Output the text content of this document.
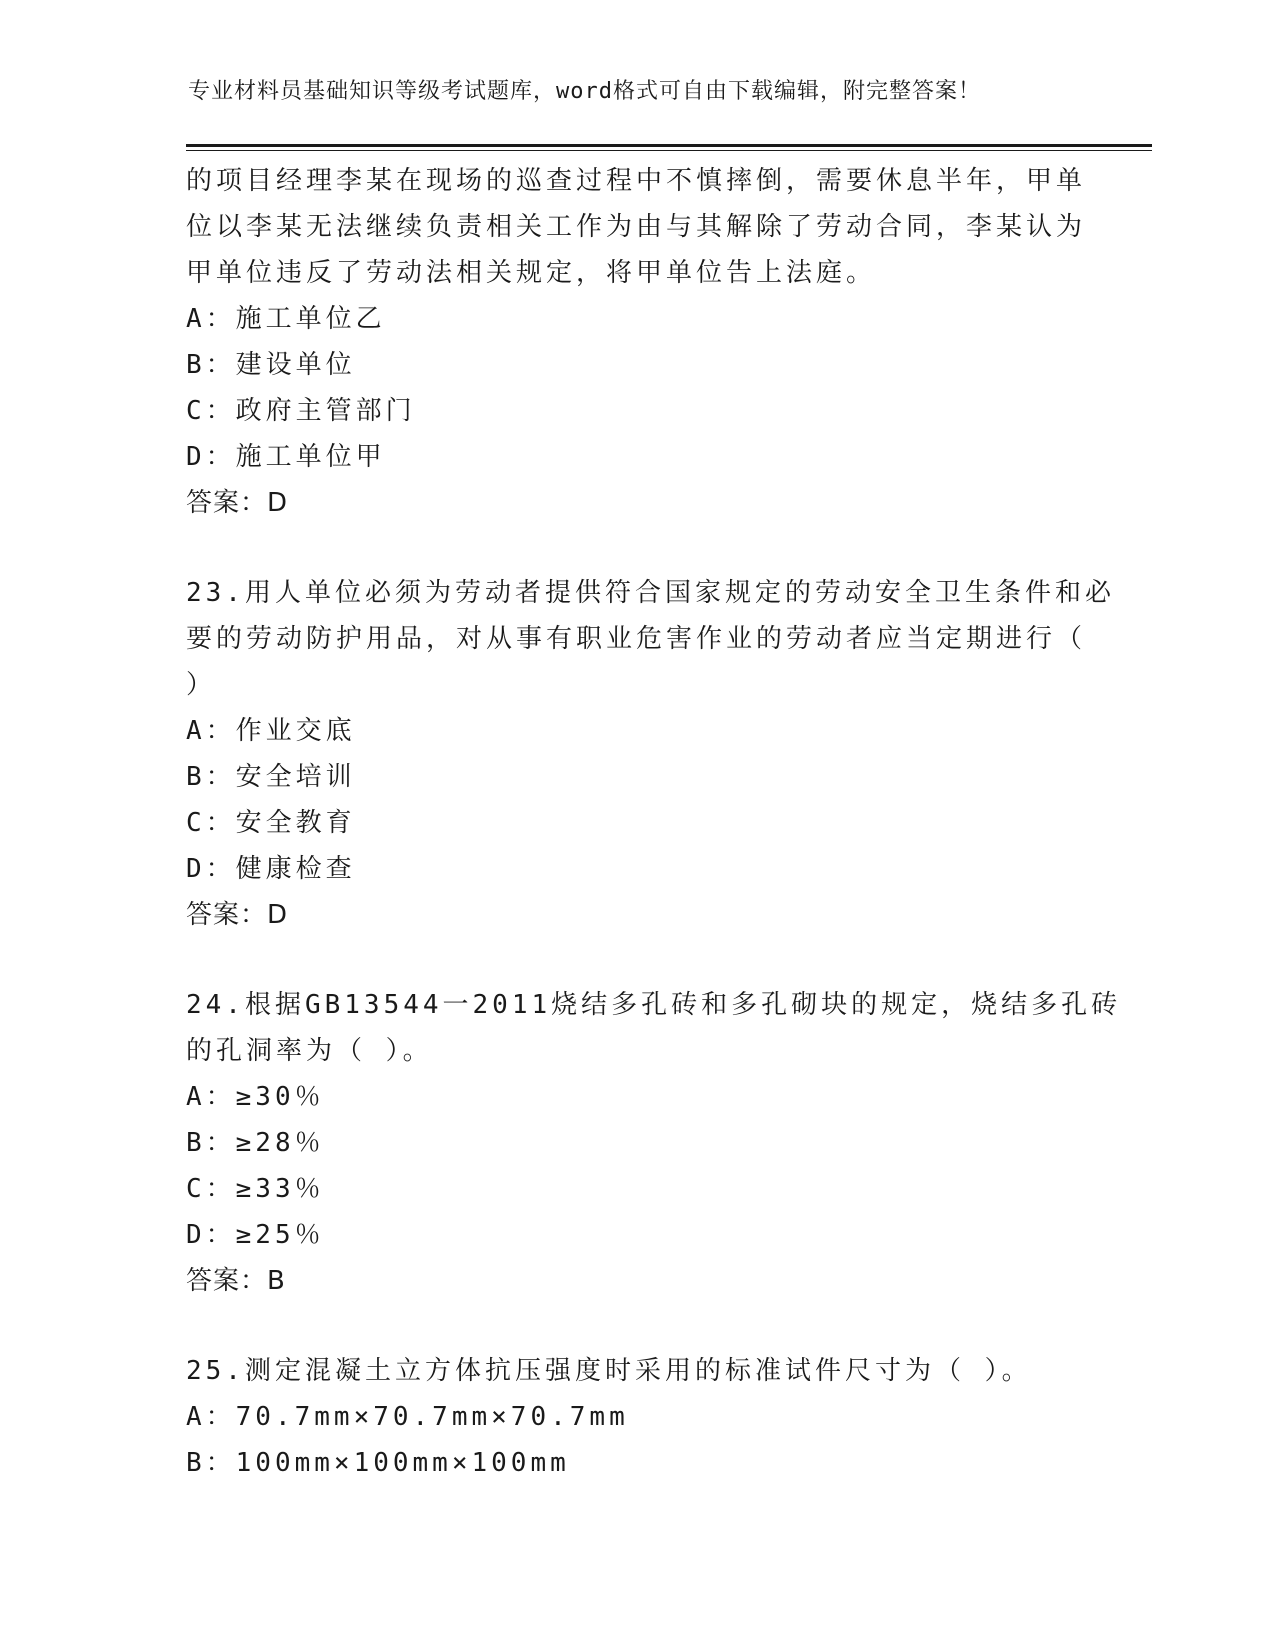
专业材料员基础知识等级考试题库，word格式可自由下载编辑，附完整答案！
的项目经理李某在现场的巡查过程中不慎摔倒，需要休息半年，甲单
位以李某无法继续负责相关工作为由与其解除了劳动合同，李某认为
甲单位违反了劳动法相关规定，将甲单位告上法庭。
A：施工单位乙
B：建设单位
C：政府主管部门
D：施工单位甲
答案：D
23.用人单位必须为劳动者提供符合国家规定的劳动安全卫生条件和必
要的劳动防护用品，对从事有职业危害作业的劳动者应当定期进行（
）
A：作业交底
B：安全培训
C：安全教育
D：健康检查
答案：D
24.根据GB13544一2011烧结多孔砖和多孔砌块的规定，烧结多孔砖
的孔洞率为（ ）。
A：≥30％
B：≥28％
C：≥33％
D：≥25％
答案：B
25.测定混凝土立方体抗压强度时采用的标准试件尺寸为（ ）。
A：70.7mm×70.7mm×70.7mm
B：100mm×100mm×100mm
